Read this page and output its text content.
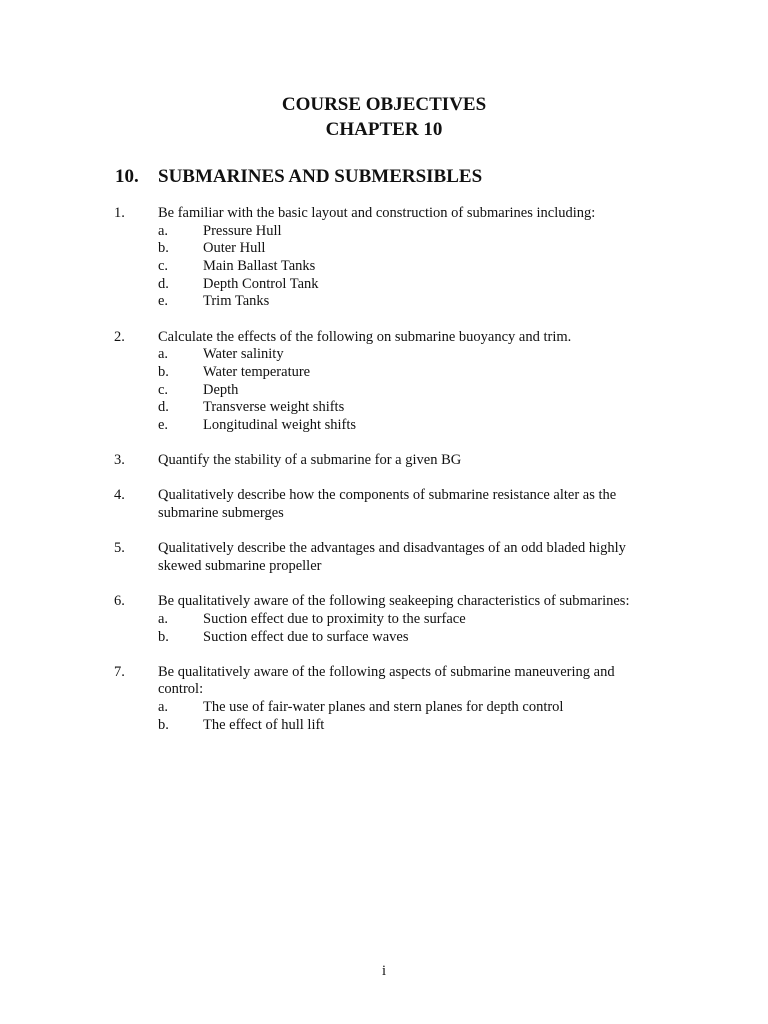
COURSE OBJECTIVES
CHAPTER 10
10. SUBMARINES AND SUBMERSIBLES
1. Be familiar with the basic layout and construction of submarines including:
a. Pressure Hull
b. Outer Hull
c. Main Ballast Tanks
d. Depth Control Tank
e. Trim Tanks
2. Calculate the effects of the following on submarine buoyancy and trim.
a. Water salinity
b. Water temperature
c. Depth
d. Transverse weight shifts
e. Longitudinal weight shifts
3. Quantify the stability of a submarine for a given BG
4. Qualitatively describe how the components of submarine resistance alter as the
submarine submerges
5. Qualitatively describe the advantages and disadvantages of an odd bladed highly
skewed submarine propeller
6. Be qualitatively aware of the following seakeeping characteristics of submarines:
a. Suction effect due to proximity to the surface
b. Suction effect due to surface waves
7. Be qualitatively aware of the following aspects of submarine maneuvering and
control:
a. The use of fair-water planes and stern planes for depth control
b. The effect of hull lift
i
